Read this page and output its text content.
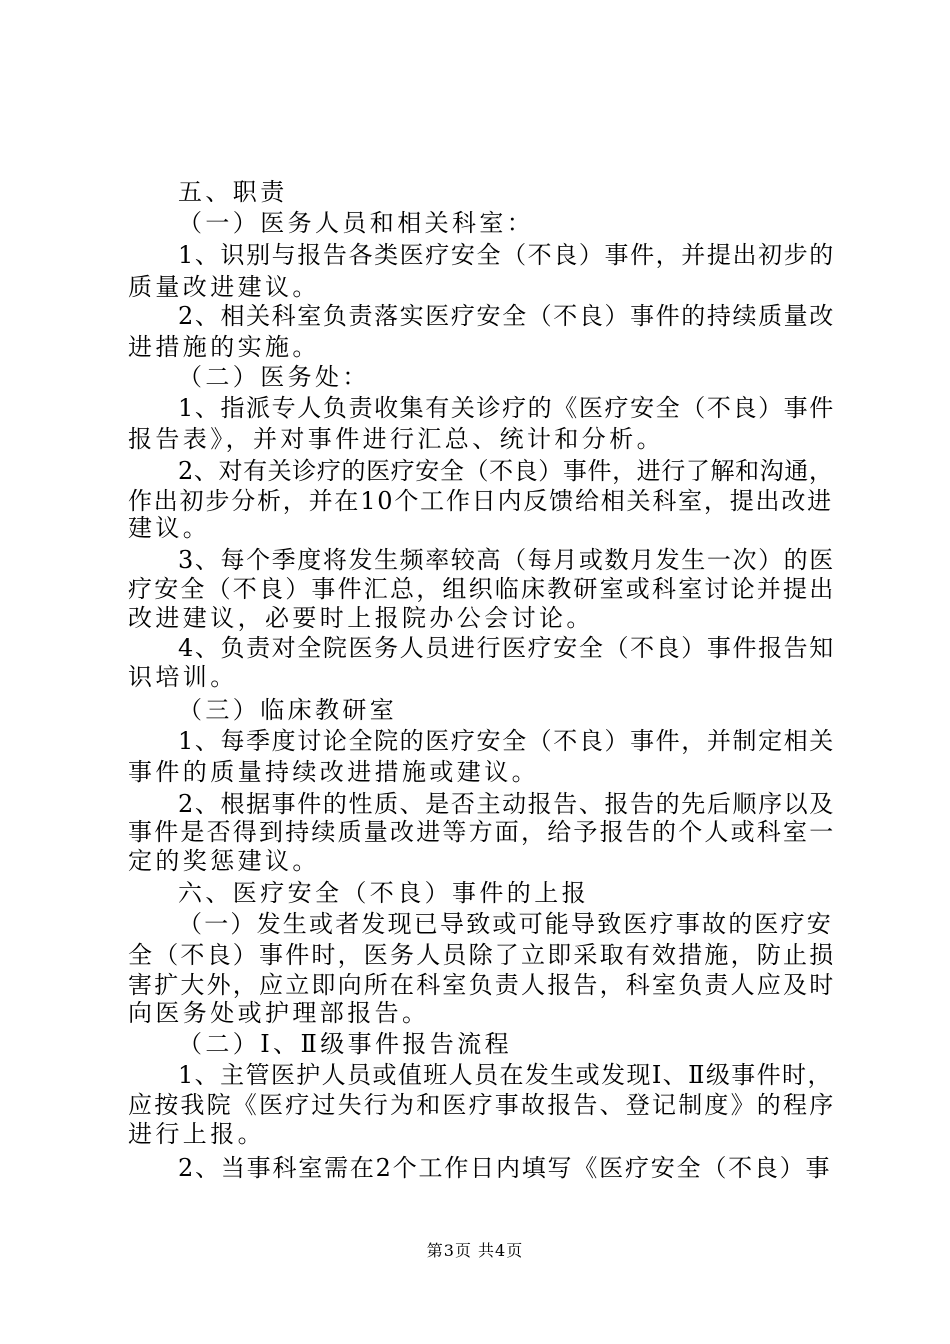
五、职责
（一）医务人员和相关科室：
1、识别与报告各类医疗安全（不良）事件，并提出初步的
质量改进建议。
2、相关科室负责落实医疗安全（不良）事件的持续质量改
进措施的实施。
（二）医务处：
1、指派专人负责收集有关诊疗的《医疗安全（不良）事件
报告表》，并对事件进行汇总、统计和分析。
2、对有关诊疗的医疗安全（不良）事件，进行了解和沟通，
作出初步分析，并在10个工作日内反馈给相关科室，提出改进
建议。
3、每个季度将发生频率较高（每月或数月发生一次）的医
疗安全（不良）事件汇总，组织临床教研室或科室讨论并提出
改进建议，必要时上报院办公会讨论。
4、负责对全院医务人员进行医疗安全（不良）事件报告知
识培训。
（三）临床教研室
1、每季度讨论全院的医疗安全（不良）事件，并制定相关
事件的质量持续改进措施或建议。
2、根据事件的性质、是否主动报告、报告的先后顺序以及
事件是否得到持续质量改进等方面，给予报告的个人或科室一
定的奖惩建议。
六、医疗安全（不良）事件的上报
（一）发生或者发现已导致或可能导致医疗事故的医疗安
全（不良）事件时，医务人员除了立即采取有效措施，防止损
害扩大外，应立即向所在科室负责人报告，科室负责人应及时
向医务处或护理部报告。
（二）Ⅰ、Ⅱ级事件报告流程
1、主管医护人员或值班人员在发生或发现Ⅰ、Ⅱ级事件时，
应按我院《医疗过失行为和医疗事故报告、登记制度》的程序
进行上报。
2、当事科室需在2个工作日内填写《医疗安全（不良）事
第3页 共4页
